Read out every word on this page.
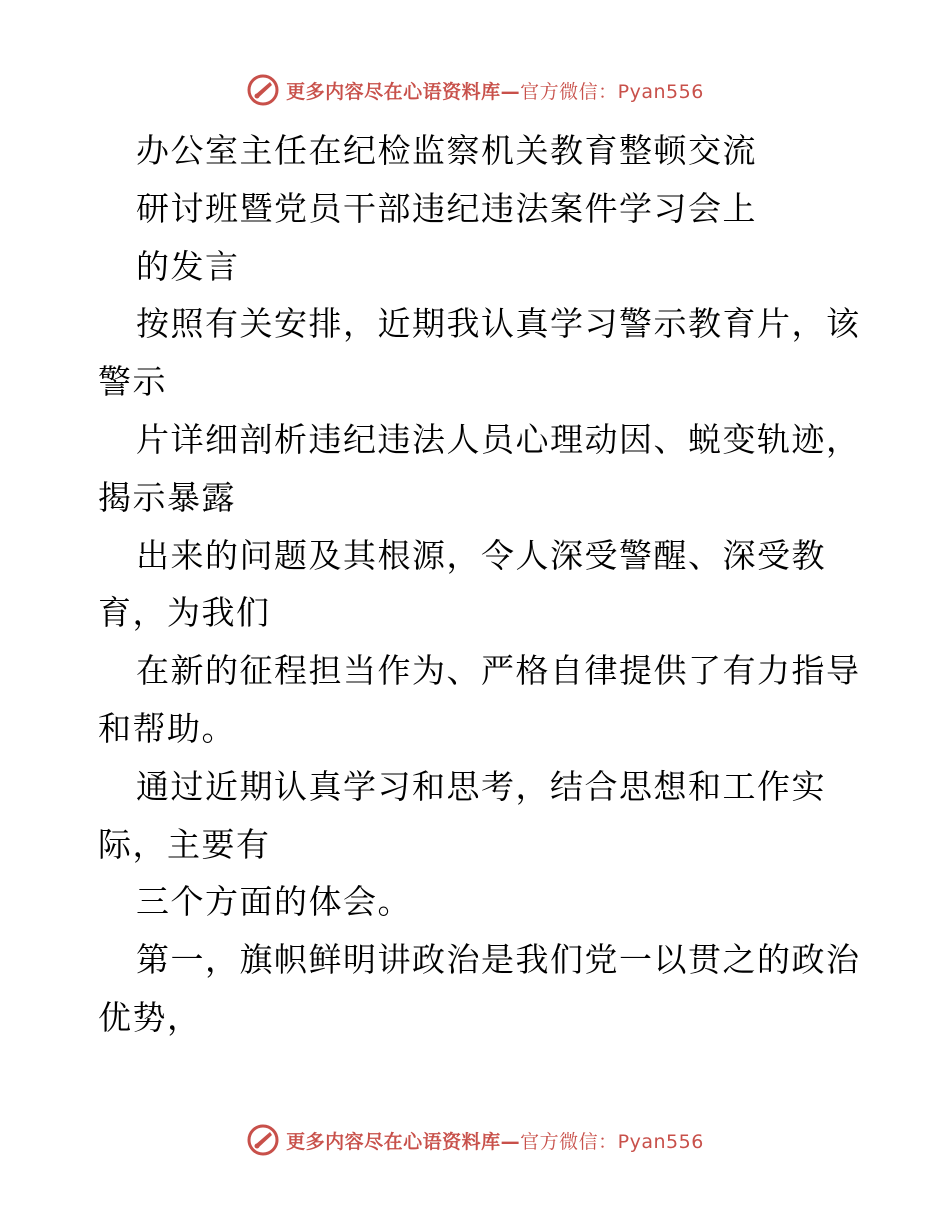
更多内容尽在心语资料库—官方微信：Pyan556
办公室主任在纪检监察机关教育整顿交流
研讨班暨党员干部违纪违法案件学习会上
的发言
按照有关安排，近期我认真学习警示教育片，该
警示
片详细剖析违纪违法人员心理动因、蜕变轨迹，
揭示暴露
出来的问题及其根源，令人深受警醒、深受教
育，为我们
在新的征程担当作为、严格自律提供了有力指导
和帮助。
通过近期认真学习和思考，结合思想和工作实
际，主要有
三个方面的体会。
第一，旗帜鲜明讲政治是我们党一以贯之的政治
优势，
更多内容尽在心语资料库—官方微信：Pyan556
